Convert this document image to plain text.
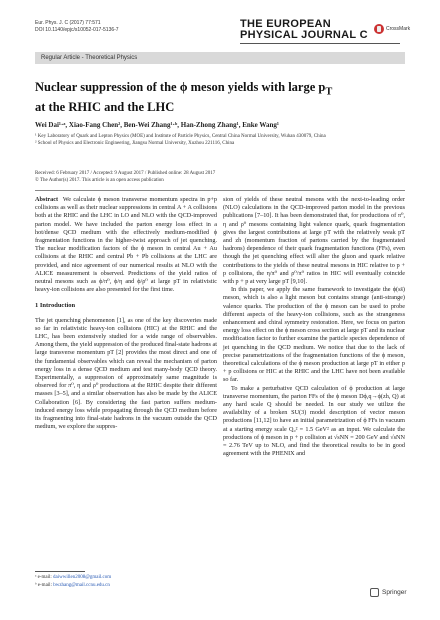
Eur. Phys. J. C (2017) 77:571
DOI 10.1140/epjc/s10052-017-5136-7	THE EUROPEAN
PHYSICAL JOURNAL C	CrossMark
Regular Article - Theoretical Physics
Nuclear suppression of the ϕ meson yields with large $p_T$
at the RHIC and the LHC
Wei Dai¹·ᵃ, Xiao-Fang Chen², Ben-Wei Zhang¹·ᵇ, Han-Zhong Zhang¹, Enke Wang¹
¹ Key Laboratory of Quark and Lepton Physics (MOE) and Institute of Particle Physics, Central China Normal University, Wuhan 430079, China
² School of Physics and Electronic Engineering, Jiangsu Normal University, Xuzhou 221116, China
Received: 6 February 2017 / Accepted: 9 August 2017 / Published online: 28 August 2017
© The Author(s) 2017. This article is an open access publication

Abstract We calculate ϕ meson transverse momentum spectra in p+p collisions as well as their nuclear suppressions in central A + A collisions both at the RHIC and the LHC in LO and NLO with the QCD-improved parton model. We have included the parton energy loss effect in a hot/dense QCD medium with the effectively medium-modified ϕ fragmentation functions in the higher-twist approach of jet quenching. The nuclear modification factors of the ϕ meson in central Au + Au collisions at the RHIC and central Pb + Pb collisions at the LHC are provided, and nice agreement of our numerical results at NLO with the ALICE measurement is observed. Predictions of the yield ratios of neutral mesons such as ϕ/π⁰, ϕ/η and ϕ/ρ⁰ at large pT in relativistic heavy-ion collisions are also presented for the first time.

1 Introduction

The jet quenching phenomenon [1], as one of the key discoveries made so far in relativistic heavy-ion collisions (HIC) at the RHIC and the LHC, has been extensively studied for a wide range of observables. Among them, the yield suppression of the produced final-state hadrons at large transverse momentum pT [2] provides the most direct and one of the fundamental observables which can reveal the mechanism of parton energy loss in a dense QCD medium and test many-body QCD theory. Experimentally, a suppression of approximately same magnitude is observed for π⁰, η and ρ⁰ productions at the RHIC despite their different masses [3–5], and a similar observation has also be made by the ALICE Collaboration [6]. By considering the fast parton suffers medium-induced energy loss while propagating through the QCD medium before its fragmenting into final-state hadrons in the vacuum outside the QCD medium, we explore the suppres-

sion of yields of these neutral mesons with the next-to-leading order (NLO) calculations in the QCD-improved parton model in the previous publications [7–10]. It has been demonstrated that, for productions of π⁰, η and ρ⁰ mesons containing light valence quark, quark fragmentation gives the largest contributions at large pT with the relatively weak pT and zh (momentum fraction of partons carried by the fragmentated hadrons) dependence of their quark fragmentation functions (FFs), even though the jet quenching effect will alter the gluon and quark relative contributions to the yields of these neutral mesons in HIC relative to p + p collisions, the η/π⁰ and ρ⁰/π⁰ ratios in HIC will eventually coincide with p + p at very large pT [9,10].

In this paper, we apply the same framework to investigate the ϕ(ss̄) meson, which is also a light meson but contains strange (anti-strange) valence quarks. The production of the ϕ meson can be used to probe different aspects of the heavy-ion collisions, such as the strangeness enhancement and chiral symmetry restoration. Here, we focus on parton energy loss effect on the ϕ meson cross section at large pT and its nuclear modification factor to further examine the particle species dependence of jet quenching in the QCD medium. We notice that due to the lack of precise parametrizations of the fragmentation functions of the ϕ meson, theoretical calculations of the ϕ meson production at large pT in either p + p collisions or HIC at the RHIC and the LHC have not been available so far.

To make a perturbative QCD calculation of ϕ production at large transverse momentum, the parton FFs of the ϕ meson Dϕ,q→ϕ(zh, Q) at any hard scale Q should be needed. In our study we utilize the availability of a broken SU(3) model description of vector meson productions [11,12] to have an initial parametrization of ϕ FFs in vacuum at a starting energy scale Q₀² = 1.5 GeV² as an input. We calculate the productions of ϕ meson in p + p collision at √sNN = 200 GeV and √sNN = 2.76 TeV up to NLO, and find the theoretical results to be in good agreement with the PHENIX and

ᵃ e-mail: daiwwillen2008@gmail.com
ᵇ e-mail: bwzhang@mail.ccnu.edu.cn
Springer
